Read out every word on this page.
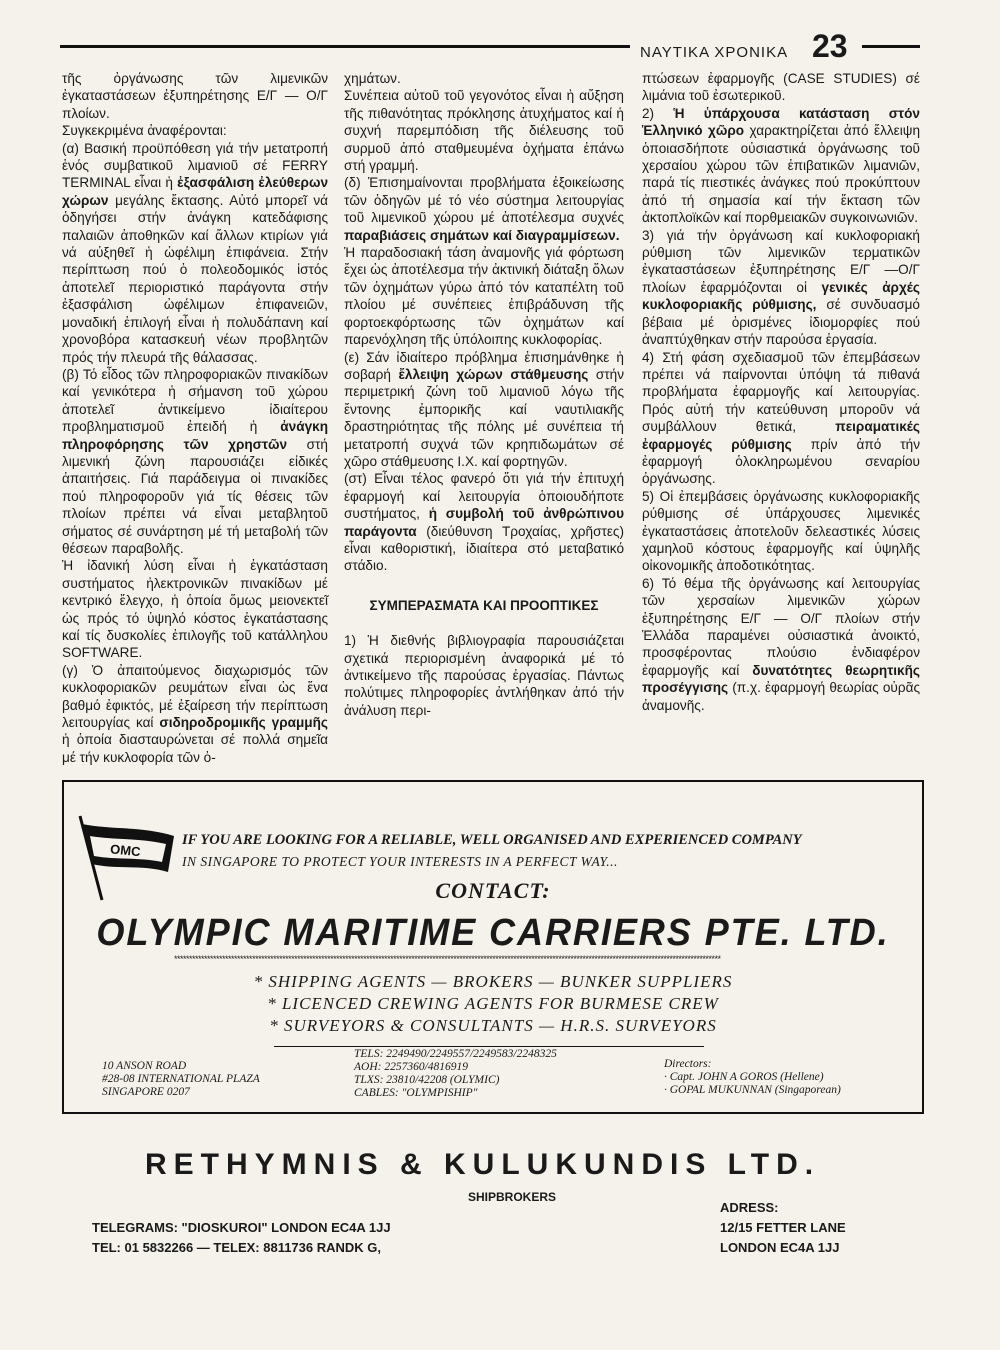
ΝΑΥΤΙΚΑ ΧΡΟΝΙΚΑ 23

τῆς ὀργάνωσης τῶν λιμενικῶν ἐγκαταστάσεων ἐξυπηρέτησης Ε/Γ — Ο/Γ πλοίων.

Συγκεκριμένα ἀναφέρονται:

(α) Βασική προϋπόθεση γιά τήν μετατροπή ἑνός συμβατικοῦ λιμανιοῦ σέ FERRY TERMINAL εἶναι ἡ ἐξασφάλιση ἐλεύθερων χώρων μεγάλης ἔκτασης. Αὐτό μπορεῖ νά ὁδηγήσει στήν ἀνάγκη κατεδάφισης παλαιῶν ἀποθηκῶν καί ἄλλων κτιρίων γιά νά αὐξηθεῖ ἡ ὠφέλιμη ἐπιφάνεια. Στήν περίπτωση πού ὁ πολεοδομικός ἱστός ἀποτελεῖ περιοριστικό παράγοντα στήν ἐξασφάλιση ὠφέλιμων ἐπιφανειῶν, μοναδική ἐπιλογή εἶναι ἡ πολυδάπανη καί χρονοβόρα κατασκευή νέων προβλητῶν πρός τήν πλευρά τῆς θάλασσας.

(β) Τό εἶδος τῶν πληροφοριακῶν πινακίδων καί γενικότερα ἡ σήμανση τοῦ χώρου ἀποτελεῖ ἀντικείμενο ἰδιαίτερου προβληματισμοῦ ἐπειδή ἡ ἀνάγκη πληροφόρησης τῶν χρηστῶν στή λιμενική ζώνη παρουσιάζει εἰδικές ἀπαιτήσεις. Γιά παράδειγμα οἱ πινακίδες πού πληροφοροῦν γιά τίς θέσεις τῶν πλοίων πρέπει νά εἶναι μεταβλητοῦ σήματος σέ συνάρτηση μέ τή μεταβολή τῶν θέσεων παραβολῆς.

Ἡ ἰδανική λύση εἶναι ἡ ἐγκατάσταση συστήματος ἠλεκτρονικῶν πινακίδων μέ κεντρικό ἔλεγχο, ἡ ὁποία ὅμως μειονεκτεῖ ὡς πρός τό ὑψηλό κόστος ἐγκατάστασης καί τίς δυσκολίες ἐπιλογῆς τοῦ κατάλληλου SOFTWARE.

(γ) Ὁ ἀπαιτούμενος διαχωρισμός τῶν κυκλοφοριακῶν ρευμάτων εἶναι ὡς ἕνα βαθμό ἐφικτός, μέ ἐξαίρεση τήν περίπτωση λειτουργίας καί σιδηροδρομικῆς γραμμῆς ἡ ὁποία διασταυρώνεται σέ πολλά σημεῖα μέ τήν κυκλοφορία τῶν ὀ-

χημάτων.

Συνέπεια αὐτοῦ τοῦ γεγονότος εἶναι ἡ αὔξηση τῆς πιθανότητας πρόκλησης ἀτυχήματος καί ἡ συχνή παρεμπόδιση τῆς διέλευσης τοῦ συρμοῦ ἀπό σταθμευμένα ὀχήματα ἐπάνω στή γραμμή.

(δ) Ἐπισημαίνονται προβλήματα ἐξοικείωσης τῶν ὁδηγῶν μέ τό νέο σύστημα λειτουργίας τοῦ λιμενικοῦ χώρου μέ ἀποτέλεσμα συχνές παραβιάσεις σημάτων καί διαγραμμίσεων.

Ἡ παραδοσιακή τάση ἀναμονῆς γιά φόρτωση ἔχει ὡς ἀποτέλεσμα τήν ἀκτινική διάταξη ὅλων τῶν ὀχημάτων γύρω ἀπό τόν καταπέλτη τοῦ πλοίου μέ συνέπειες ἐπιβράδυνση τῆς φορτοεκφόρτωσης τῶν ὀχημάτων καί παρενόχληση τῆς ὑπόλοιπης κυκλοφορίας.

(ε) Σάν ἰδιαίτερο πρόβλημα ἐπισημάνθηκε ἡ σοβαρή ἔλλειψη χώρων στάθμευσης στήν περιμετρική ζώνη τοῦ λιμανιοῦ λόγω τῆς ἔντονης ἐμπορικῆς καί ναυτιλιακῆς δραστηριότητας τῆς πόλης μέ συνέπεια τή μετατροπή συχνά τῶν κρηπιδωμάτων σέ χῶρο στάθμευσης Ι.Χ. καί φορτηγῶν.

(στ) Εἶναι τέλος φανερό ὅτι γιά τήν ἐπιτυχή ἐφαρμογή καί λειτουργία ὁποιουδήποτε συστήματος, ἡ συμβολή τοῦ ἀνθρώπινου παράγοντα (διεύθυνση Τροχαίας, χρῆστες) εἶναι καθοριστική, ἰδιαίτερα στό μεταβατικό στάδιο.

ΣΥΜΠΕΡΑΣΜΑΤΑ ΚΑΙ ΠΡΟΟΠΤΙΚΕΣ

1) Ἡ διεθνής βιβλιογραφία παρουσιάζεται σχετικά περιορισμένη ἀναφορικά μέ τό ἀντικείμενο τῆς παρούσας ἐργασίας. Πάντως πολύτιμες πληροφορίες ἀντλήθηκαν ἀπό τήν ἀνάλυση περι-

πτώσεων ἐφαρμογῆς (CASE STUDIES) σέ λιμάνια τοῦ ἐσωτερικοῦ.

2) Ἡ ὑπάρχουσα κατάσταση στόν Ἑλληνικό χῶρο χαρακτηρίζεται ἀπό ἔλλειψη ὁποιασδήποτε οὐσιαστικά ὀργάνωσης τοῦ χερσαίου χώρου τῶν ἐπιβατικῶν λιμανιῶν, παρά τίς πιεστικές ἀνάγκες πού προκύπτουν ἀπό τή σημασία καί τήν ἔκταση τῶν ἀκτοπλοϊκῶν καί πορθμειακῶν συγκοινωνιῶν.

3) γιά τήν ὀργάνωση καί κυκλοφοριακή ρύθμιση τῶν λιμενικῶν τερματικῶν ἐγκαταστάσεων ἐξυπηρέτησης Ε/Γ —Ο/Γ πλοίων ἐφαρμόζονται οἱ γενικές ἀρχές κυκλοφοριακῆς ρύθμισης, σέ συνδυασμό βέβαια μέ ὁρισμένες ἰδιομορφίες πού ἀναπτύχθηκαν στήν παρούσα ἐργασία.

4) Στή φάση σχεδιασμοῦ τῶν ἐπεμβάσεων πρέπει νά παίρνονται ὑπόψη τά πιθανά προβλήματα ἐφαρμογῆς καί λειτουργίας. Πρός αὐτή τήν κατεύθυνση μποροῦν νά συμβάλλουν θετικά,	πειραματικές ἐφαρμογές ρύθμισης πρίν ἀπό τήν ἐφαρμογή ὁλοκληρωμένου σεναρίου ὀργάνωσης.

5) Οἱ ἐπεμβάσεις ὀργάνωσης κυκλοφοριακῆς ρύθμισης σέ ὑπάρχουσες λιμενικές ἐγκαταστάσεις ἀποτελοῦν δελεαστικές λύσεις χαμηλοῦ κόστους ἐφαρμογῆς καί ὑψηλῆς οἰκονομικῆς ἀποδοτικότητας.

6) Τό θέμα τῆς ὀργάνωσης καί λειτουργίας τῶν χερσαίων λιμενικῶν χώρων ἐξυπηρέτησης Ε/Γ — Ο/Γ πλοίων στήν Ἑλλάδα παραμένει οὐσιαστικά ἀνοικτό, προσφέροντας πλούσιο ἐνδιαφέρον ἐφαρμογῆς καί δυνατότητες θεωρητικῆς προσέγγισης (π.χ. ἐφαρμογή θεωρίας οὐρᾶς ἀναμονῆς.

OMC
IF YOU ARE LOOKING FOR A RELIABLE, WELL ORGANISED AND EXPERIENCED COMPANY
IN SINGAPORE TO PROTECT YOUR INTERESTS IN A PERFECT WAY...
CONTACT:
OLYMPIC MARITIME CARRIERS PTE. LTD.
**************************************************************************************************************************************************************************************
* SHIPPING AGENTS — BROKERS — BUNKER SUPPLIERS
* LICENCED CREWING AGENTS FOR BURMESE CREW
* SURVEYORS & CONSULTANTS — H.R.S. SURVEYORS
10 ANSON ROAD
#28-08 INTERNATIONAL PLAZA
SINGAPORE 0207
TELS: 2249490/2249557/2249583/2248325
AOH: 2257360/4816919
TLXS: 23810/42208 (OLYMIC)
CABLES: "OLYMPISHIP"
Directors:
· Capt. JOHN A GOROS (Hellene)
· GOPAL MUKUNNAN (Singaporean)
RETHYMNIS & KULUKUNDIS LTD.
SHIPBROKERS
TELEGRAMS: "DIOSKUROI" LONDON EC4A 1JJ
TEL: 01 5832266 — TELEX: 8811736 RANDK G,
ADRESS:
12/15 FETTER LANE
LONDON EC4A 1JJ
